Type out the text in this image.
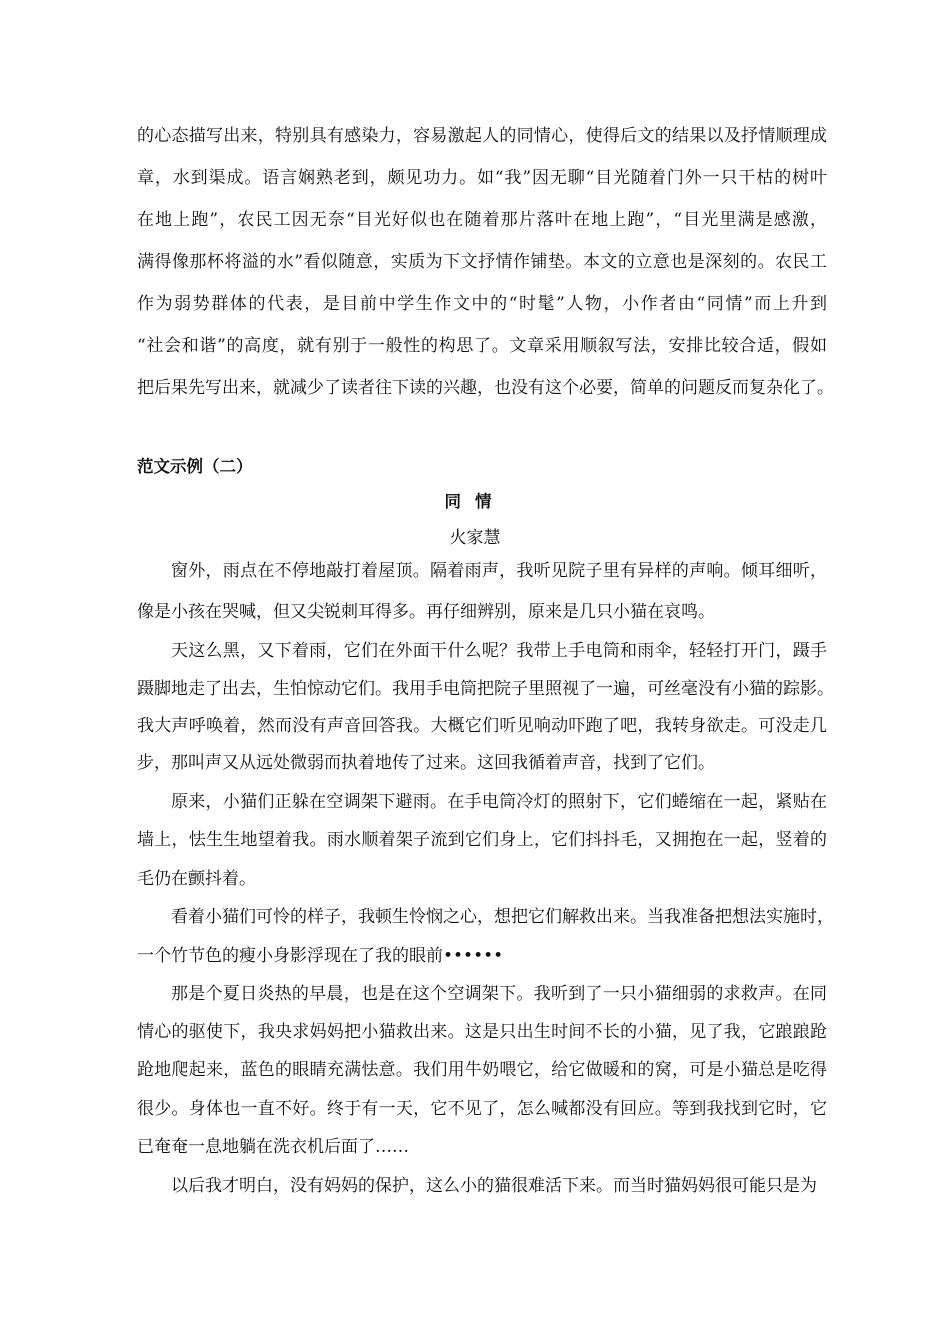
的心态描写出来，特别具有感染力，容易激起人的同情心，使得后文的结果以及抒情顺理成
章，水到渠成。语言娴熟老到，颇见功力。如“我”因无聊“目光随着门外一只干枯的树叶
在地上跑”，农民工因无奈“目光好似也在随着那片落叶在地上跑”，“目光里满是感激，
满得像那杯将溢的水”看似随意，实质为下文抒情作铺垫。本文的立意也是深刻的。农民工
作为弱势群体的代表，是目前中学生作文中的“时髦”人物，小作者由“同情”而上升到
“社会和谐”的高度，就有别于一般性的构思了。文章采用顺叙写法，安排比较合适，假如
把后果先写出来，就减少了读者往下读的兴趣，也没有这个必要，简单的问题反而复杂化了。
范文示例（二）
同情
火家慧
窗外，雨点在不停地敲打着屋顶。隔着雨声，我听见院子里有异样的声响。倾耳细听，
像是小孩在哭喊，但又尖锐刺耳得多。再仔细辨别，原来是几只小猫在哀鸣。
天这么黑，又下着雨，它们在外面干什么呢？我带上手电筒和雨伞，轻轻打开门，蹑手
蹑脚地走了出去，生怕惊动它们。我用手电筒把院子里照视了一遍，可丝毫没有小猫的踪影。
我大声呼唤着，然而没有声音回答我。大概它们听见响动吓跑了吧，我转身欲走。可没走几
步，那叫声又从远处微弱而执着地传了过来。这回我循着声音，找到了它们。
原来，小猫们正躲在空调架下避雨。在手电筒冷灯的照射下，它们蜷缩在一起，紧贴在
墙上，怯生生地望着我。雨水顺着架子流到它们身上，它们抖抖毛，又拥抱在一起，竖着的
毛仍在颤抖着。
看着小猫们可怜的样子，我顿生怜悯之心，想把它们解救出来。当我准备把想法实施时，
一个竹节色的瘦小身影浮现在了我的眼前••••••
那是个夏日炎热的早晨，也是在这个空调架下。我听到了一只小猫细弱的求救声。在同
情心的驱使下，我央求妈妈把小猫救出来。这是只出生时间不长的小猫，见了我，它踉踉跄
跄地爬起来，蓝色的眼睛充满怯意。我们用牛奶喂它，给它做暖和的窝，可是小猫总是吃得
很少。身体也一直不好。终于有一天，它不见了，怎么喊都没有回应。等到我找到它时，它
已奄奄一息地躺在洗衣机后面了……
以后我才明白，没有妈妈的保护，这么小的猫很难活下来。而当时猫妈妈很可能只是为
